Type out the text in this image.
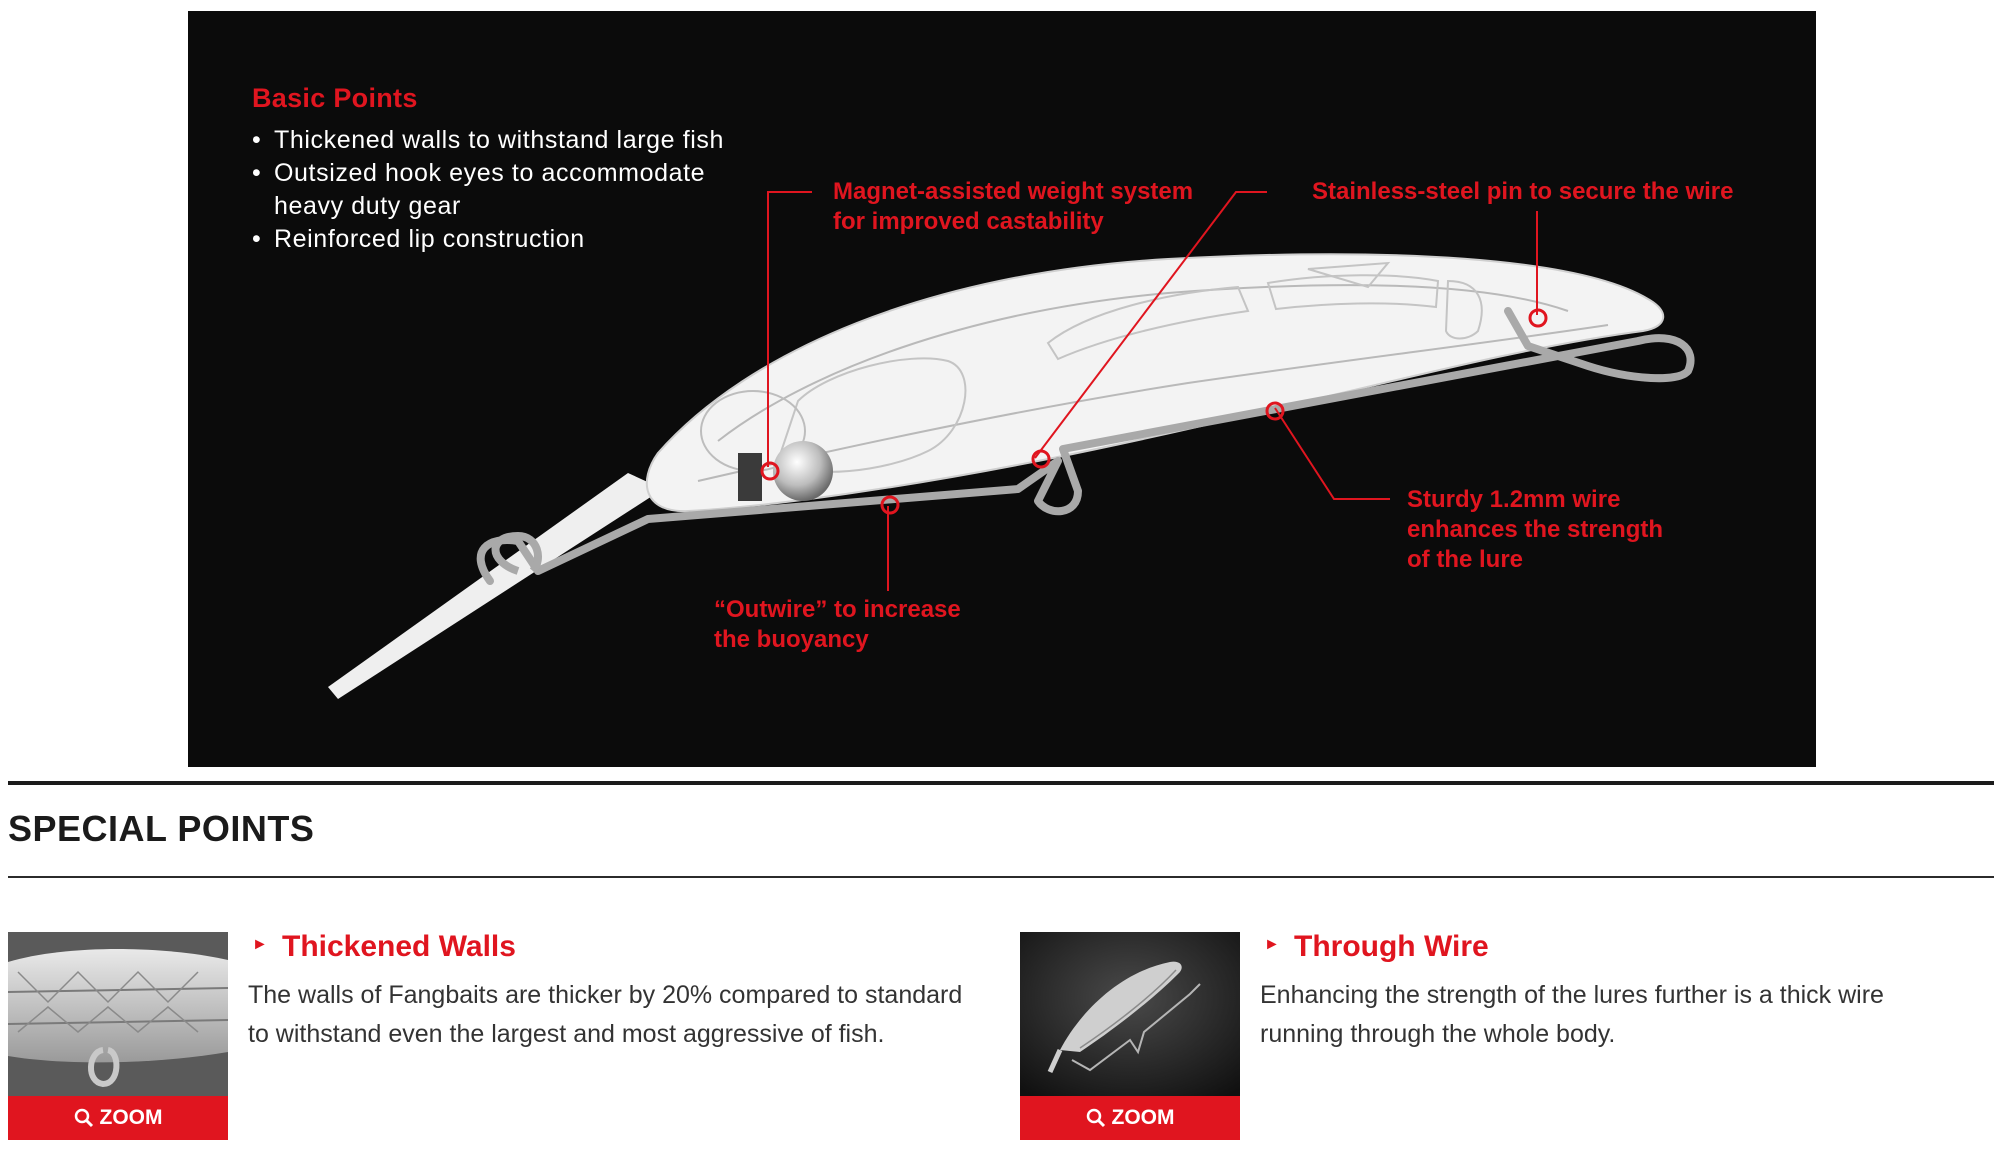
Basic Points
• Thickened walls to withstand large fish
• Outsized hook eyes to accommodate heavy duty gear
• Reinforced lip construction
Magnet-assisted weight system
for improved castability
Stainless-steel pin to secure the wire
Sturdy 1.2mm wire
enhances the strength
of the lure
“Outwire” to increase
the buoyancy
SPECIAL POINTS
ZOOM
► Thickened Walls
The walls of Fangbaits are thicker by 20% compared to standard to withstand even the largest and most aggressive of fish.
ZOOM
► Through Wire
Enhancing the strength of the lures further is a thick wire running through the whole body.
